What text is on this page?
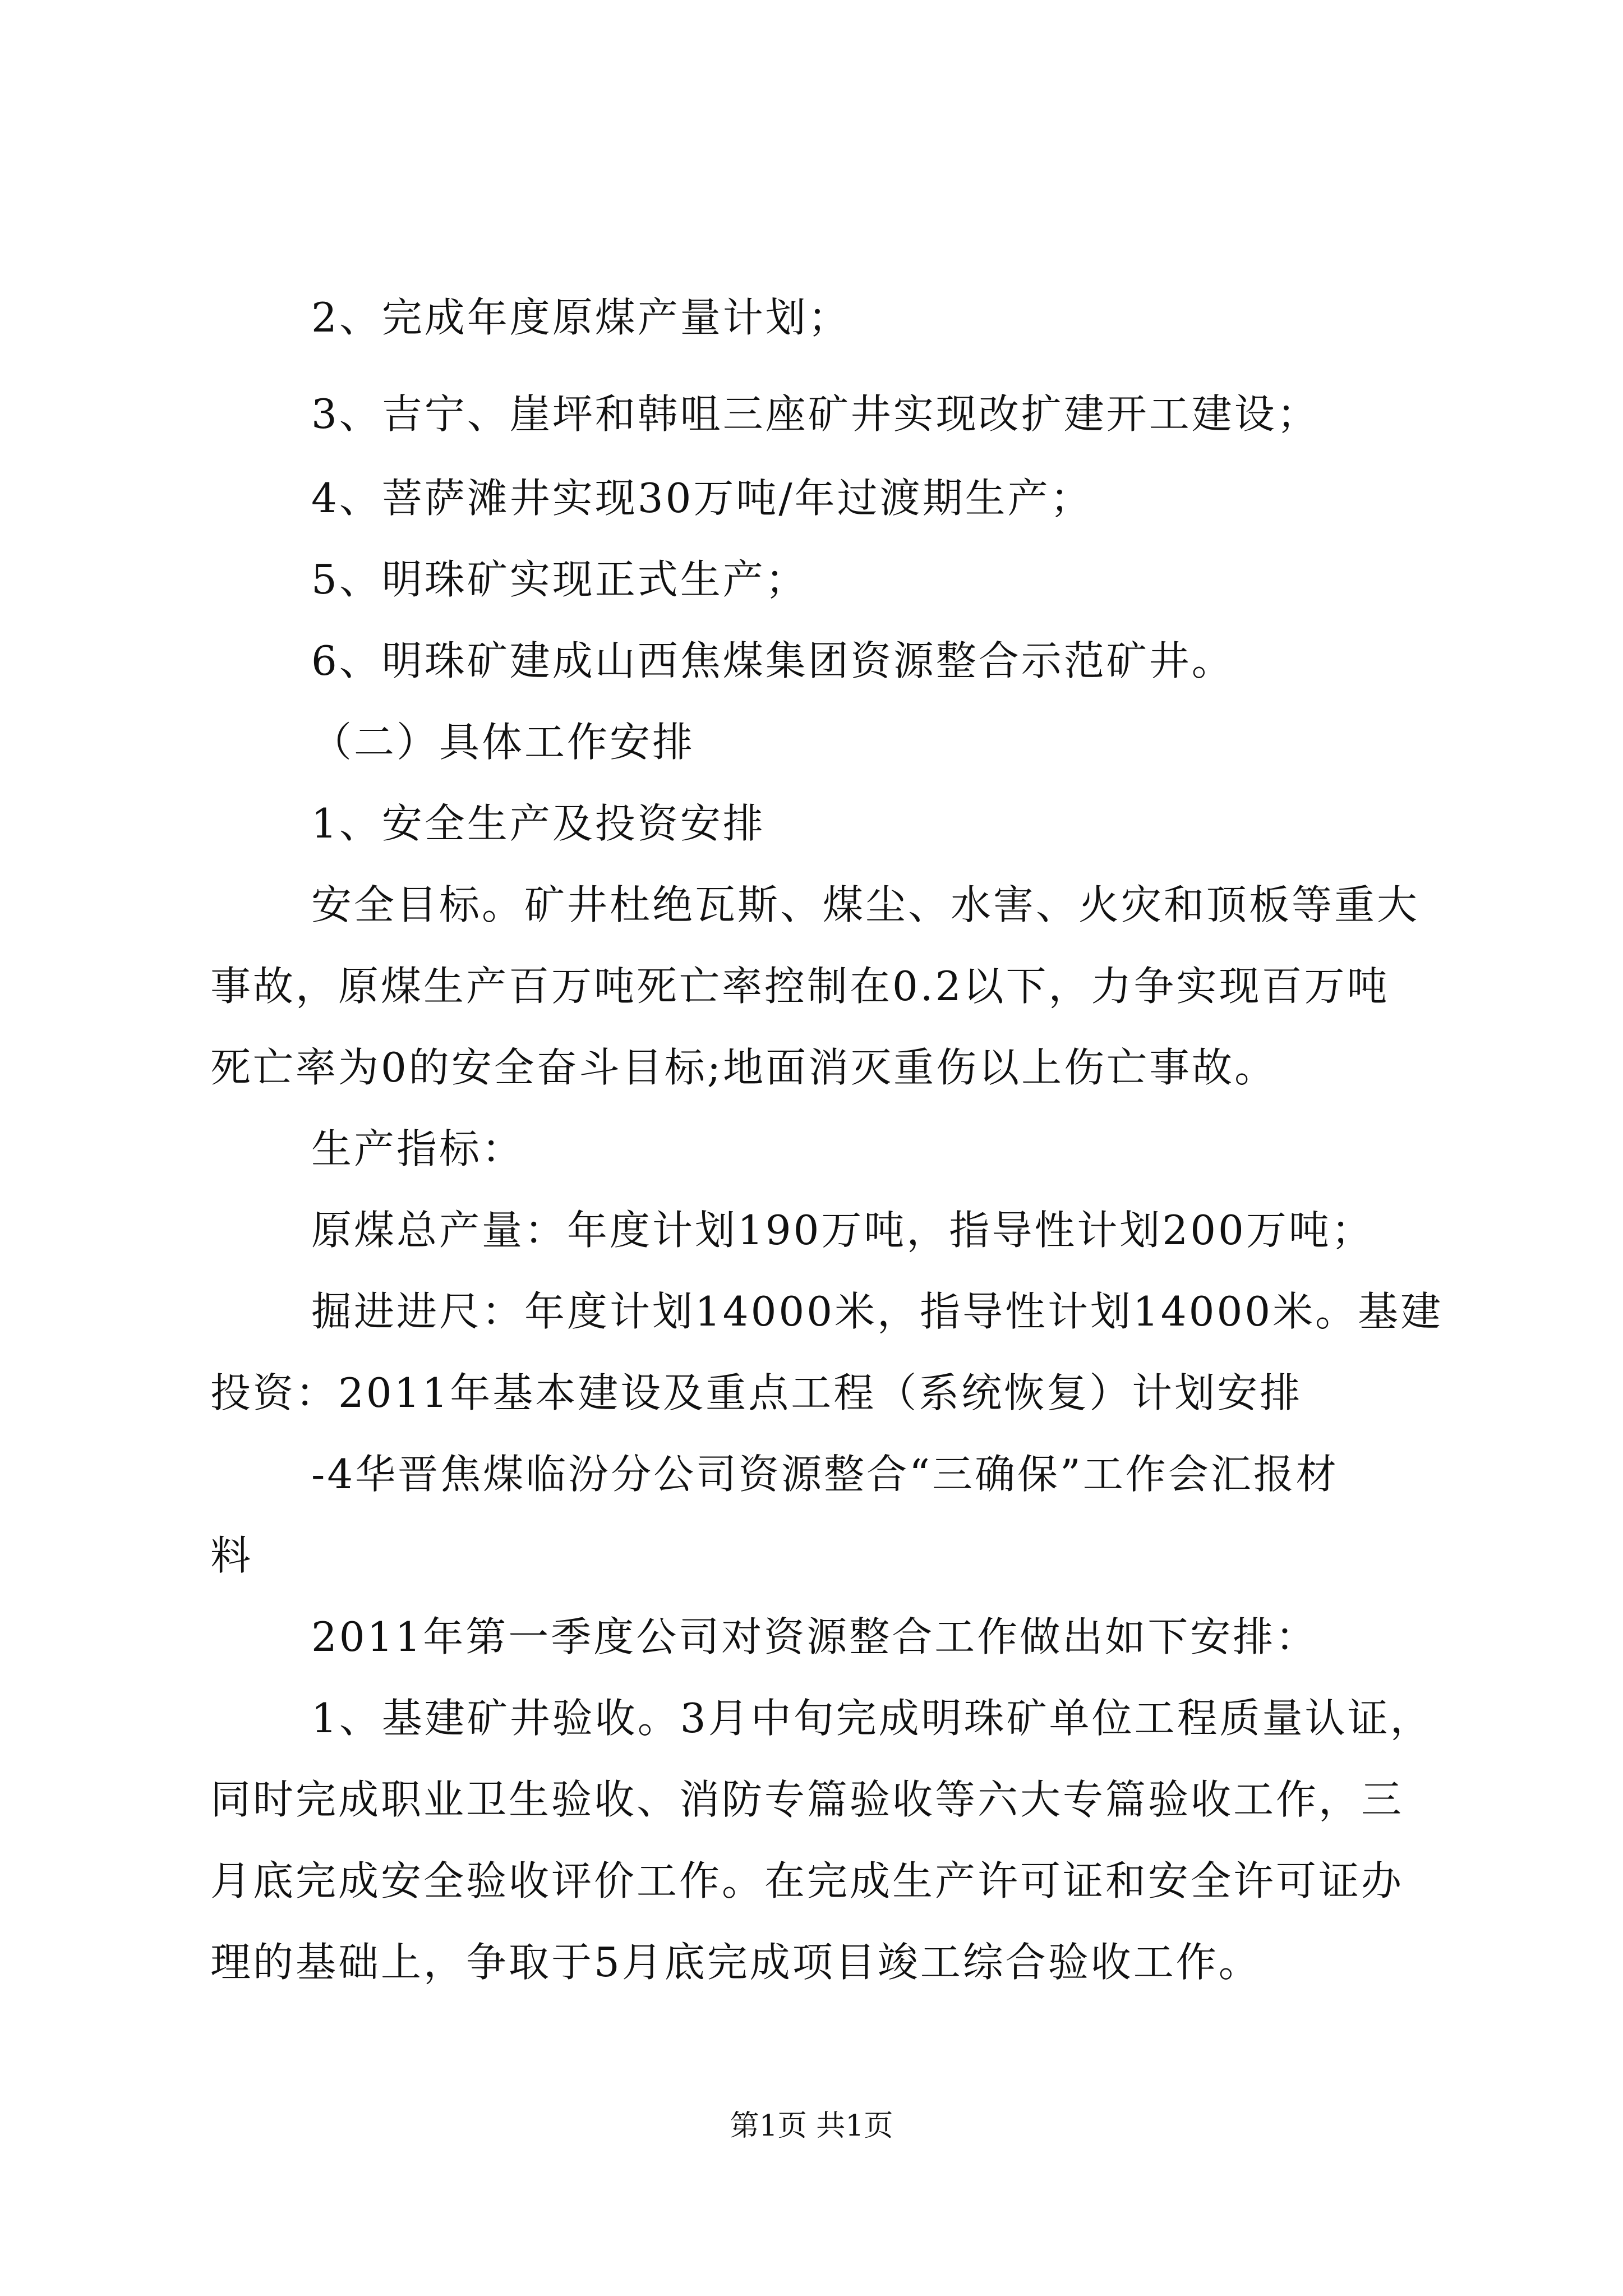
2、完成年度原煤产量计划；
3、吉宁、崖坪和韩咀三座矿井实现改扩建开工建设；
4、菩萨滩井实现30万吨/年过渡期生产；
5、明珠矿实现正式生产；
6、明珠矿建成山西焦煤集团资源整合示范矿井。
（二）具体工作安排
1、安全生产及投资安排
安全目标。矿井杜绝瓦斯、煤尘、水害、火灾和顶板等重大
事故，原煤生产百万吨死亡率控制在0.2以下，力争实现百万吨
死亡率为0的安全奋斗目标;地面消灭重伤以上伤亡事故。
生产指标：
原煤总产量：年度计划190万吨，指导性计划200万吨；
掘进进尺：年度计划14000米，指导性计划14000米。基建
投资：2011年基本建设及重点工程（系统恢复）计划安排
-4华晋焦煤临汾分公司资源整合“三确保”工作会汇报材
料
2011年第一季度公司对资源整合工作做出如下安排：
1、基建矿井验收。3月中旬完成明珠矿单位工程质量认证，
同时完成职业卫生验收、消防专篇验收等六大专篇验收工作，三
月底完成安全验收评价工作。在完成生产许可证和安全许可证办
理的基础上，争取于5月底完成项目竣工综合验收工作。
第1页 共1页
